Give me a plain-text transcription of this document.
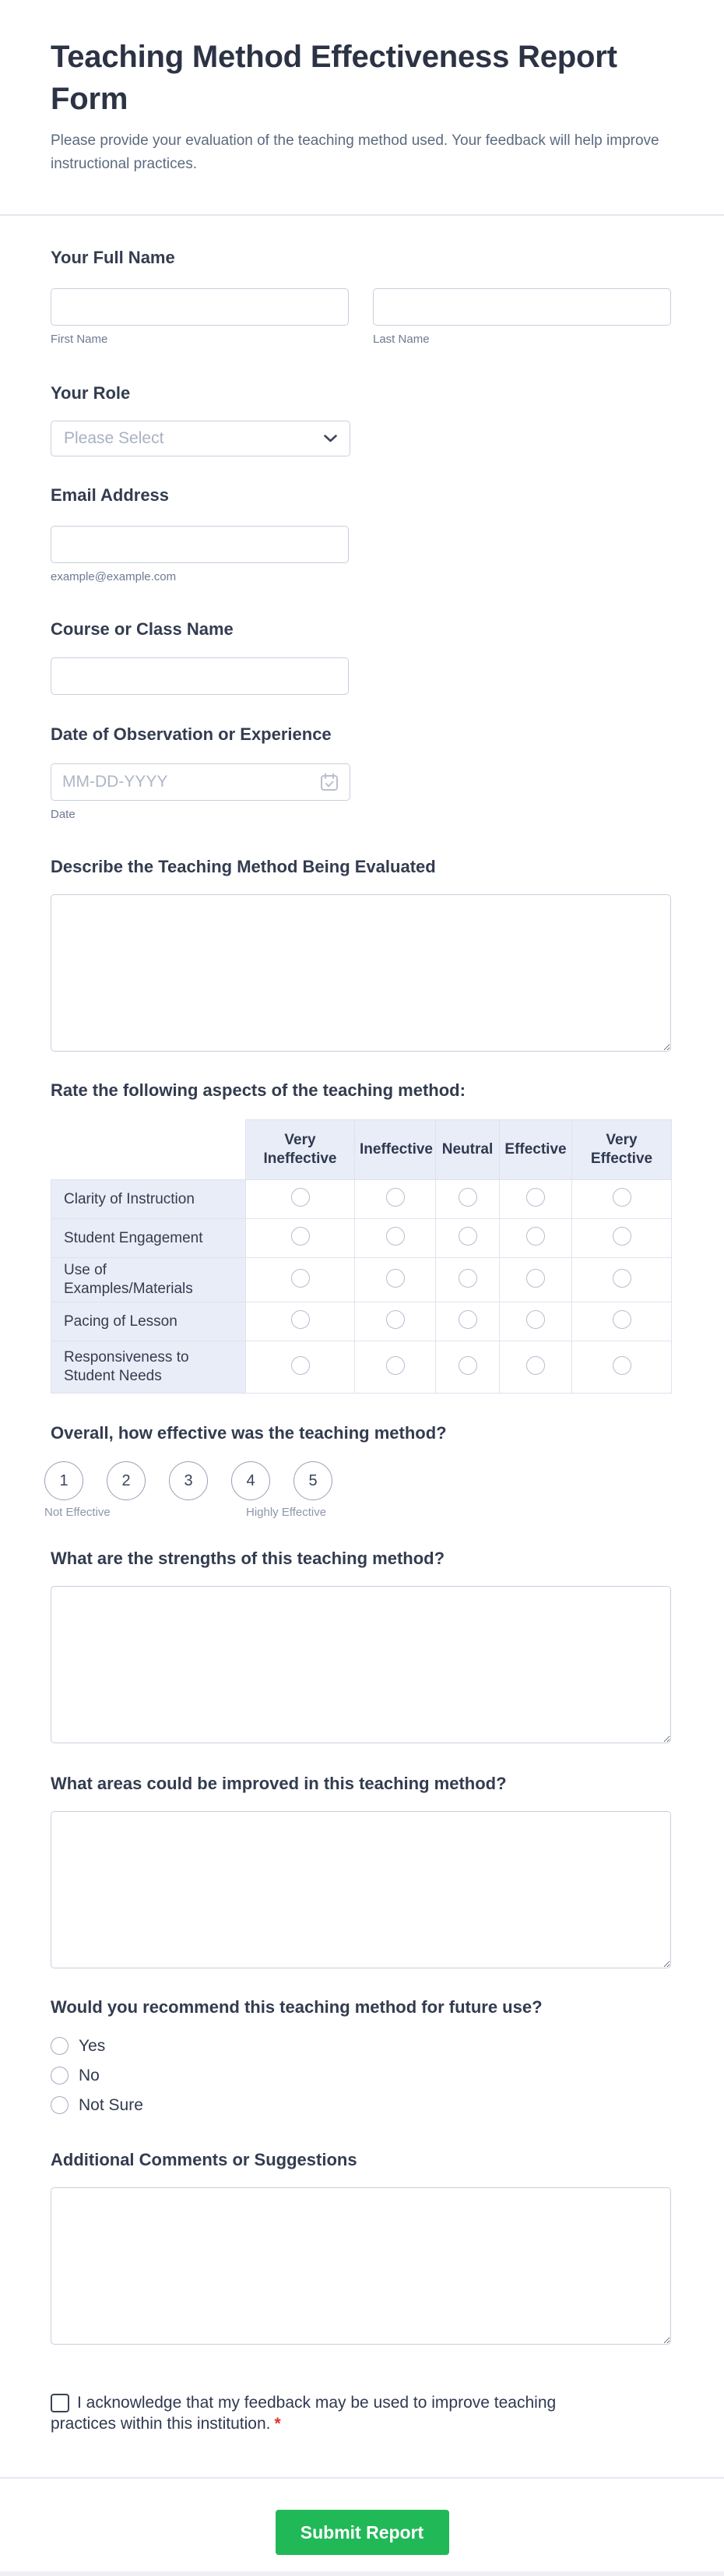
Teaching Method Effectiveness Report Form

Please provide your evaluation of the teaching method used. Your feedback will help improve instructional practices.

Your Full Name
First Name	Last Name
Your Role
Please Select
Email Address
example@example.com
Course or Class Name
Date of Observation or Experience
MM-DD-YYYY
Date
Describe the Teaching Method Being Evaluated
Rate the following aspects of the teaching method:
	Very Ineffective	Ineffective	Neutral	Effective	Very Effective
Clarity of Instruction					
Student Engagement					
Use of Examples/Materials					
Pacing of Lesson					
Responsiveness to Student Needs					
Overall, how effective was the teaching method?
1	2	3	4	5
Not Effective	Highly Effective
What are the strengths of this teaching method?
What areas could be improved in this teaching method?
Would you recommend this teaching method for future use?
Yes
No
Not Sure
Additional Comments or Suggestions
I acknowledge that my feedback may be used to improve teaching practices within this institution. *
Submit Report
